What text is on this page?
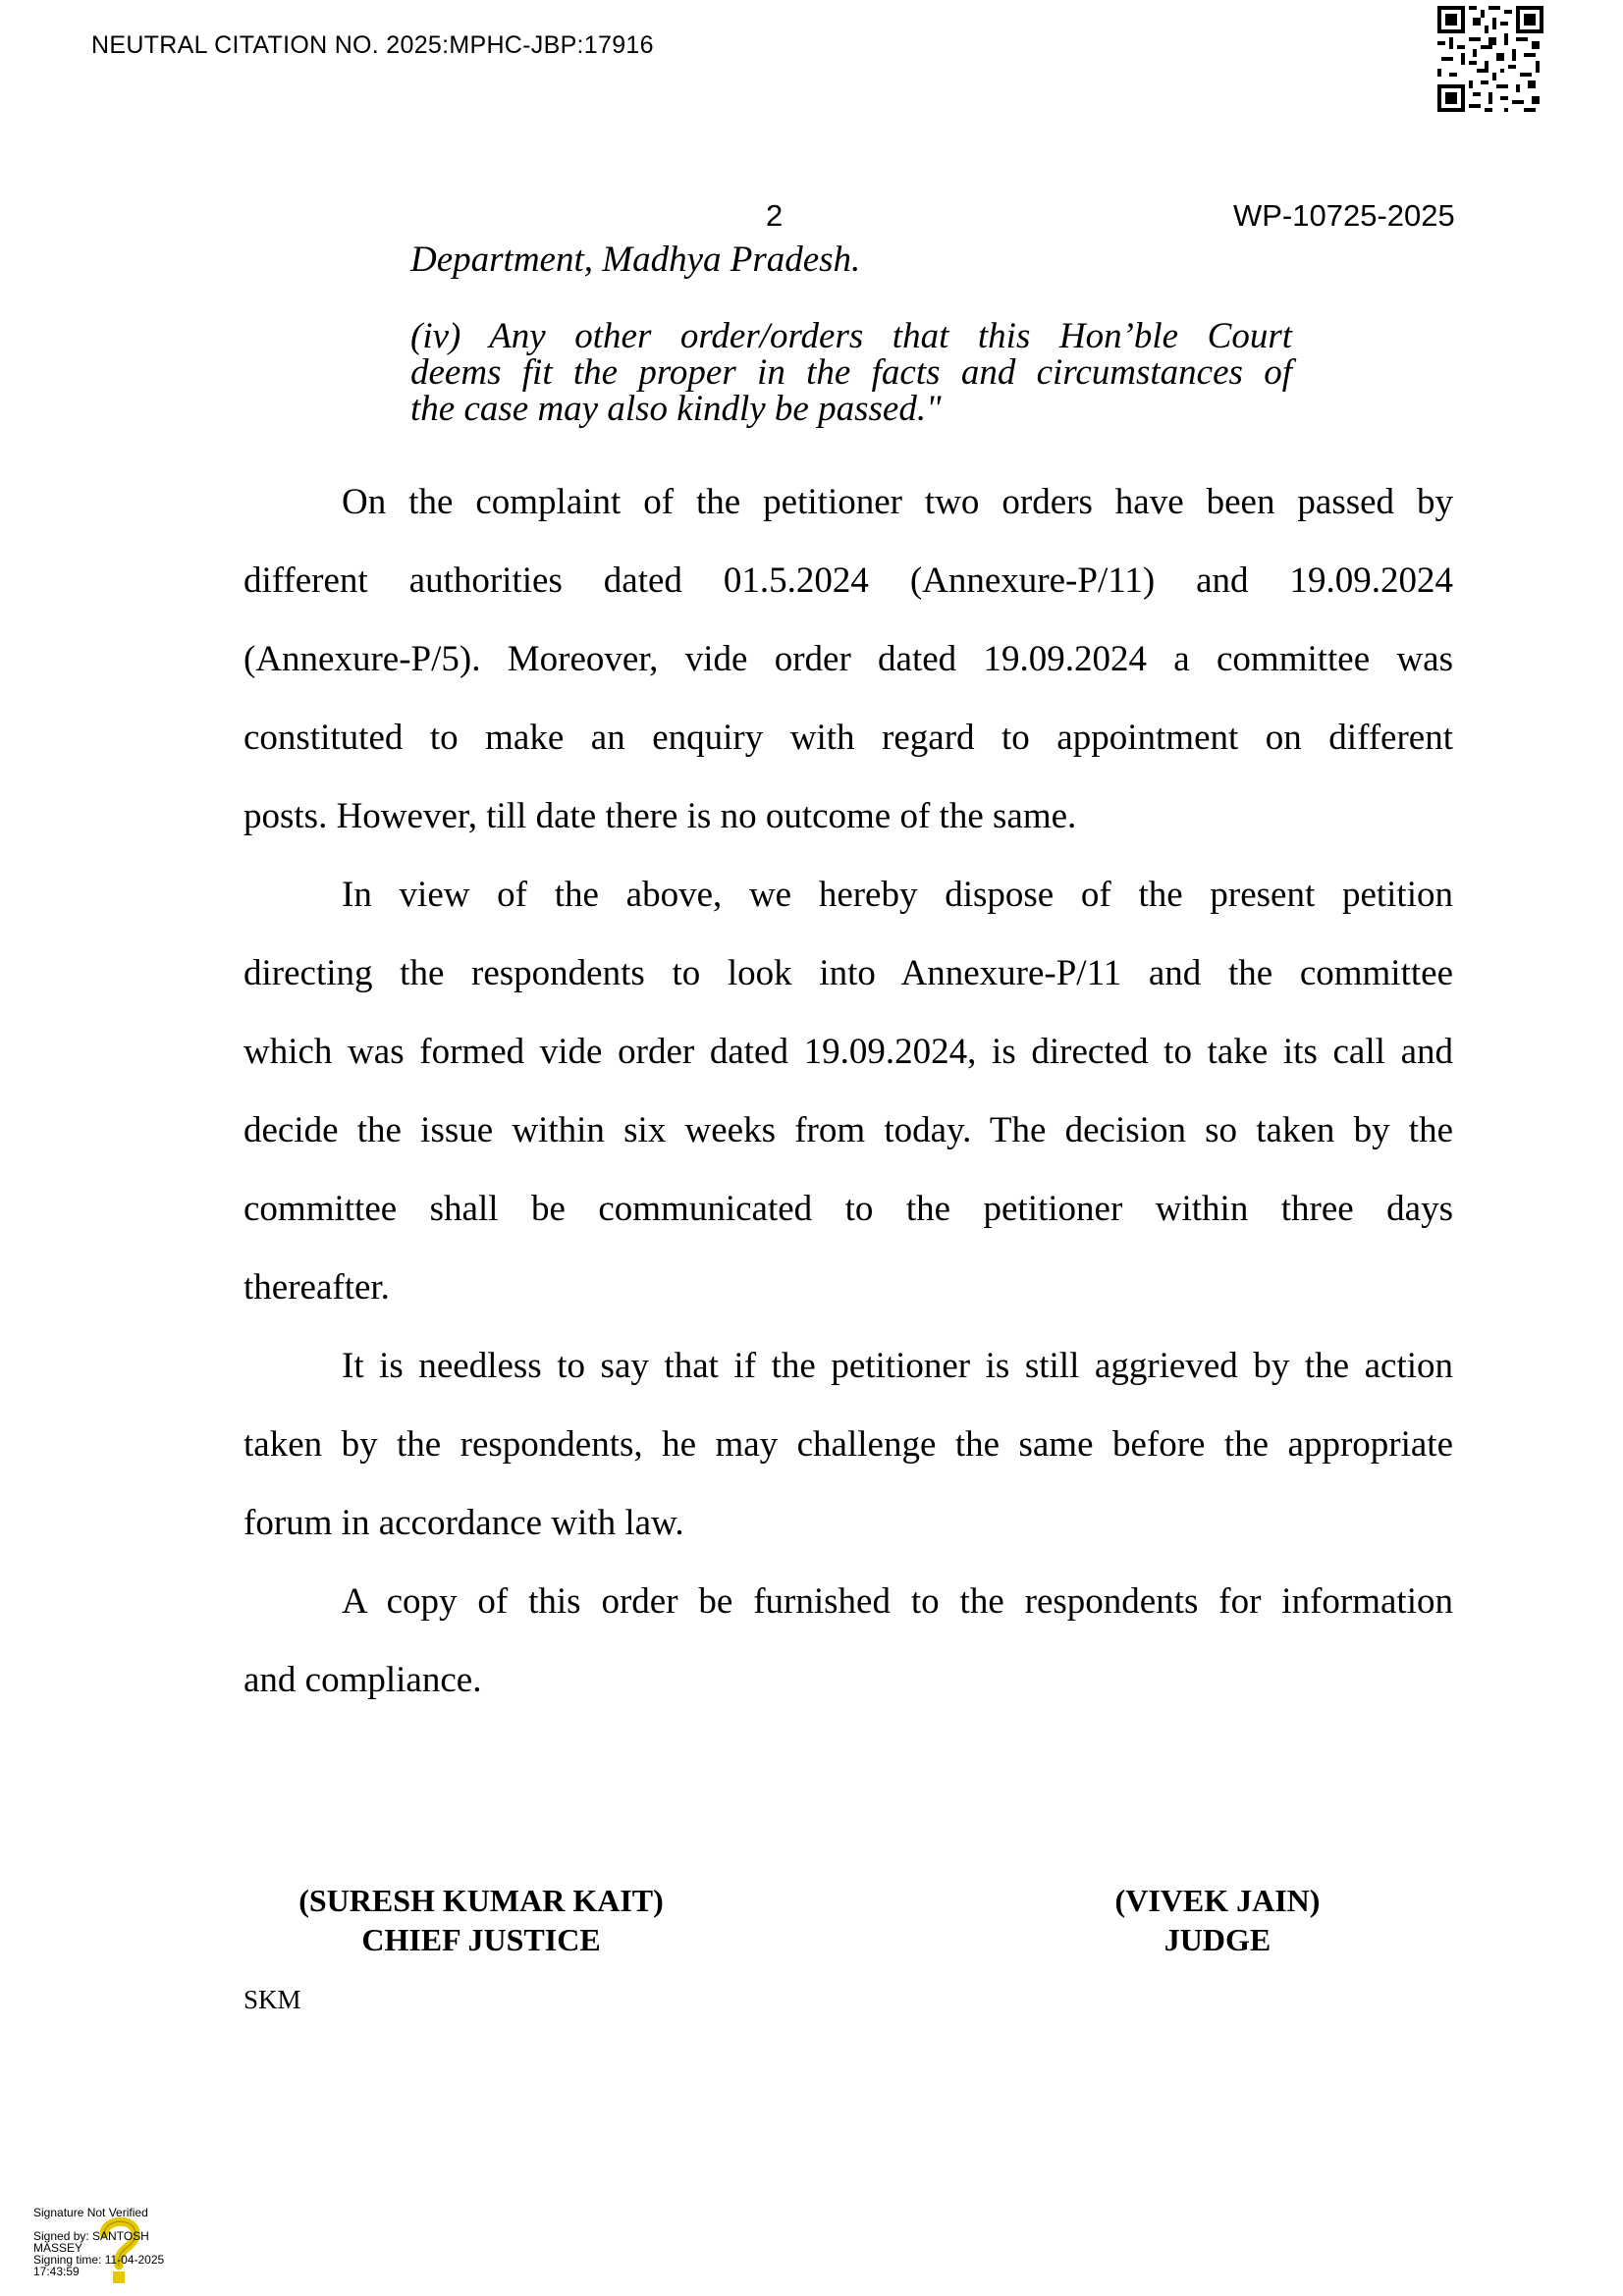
NEUTRAL CITATION NO. 2025:MPHC-JBP:17916
2	WP-10725-2025
Department, Madhya Pradesh.
(iv) Any other order/orders that this Hon’ble Court
deems fit the proper in the facts and circumstances of
the case may also kindly be passed."
On the complaint of the petitioner two orders have been passed by
different authorities dated 01.5.2024 (Annexure-P/11) and 19.09.2024
(Annexure-P/5). Moreover, vide order dated 19.09.2024 a committee was
constituted to make an enquiry with regard to appointment on different
posts. However, till date there is no outcome of the same.
In view of the above, we hereby dispose of the present petition
directing the respondents to look into Annexure-P/11 and the committee
which was formed vide order dated 19.09.2024, is directed to take its call and
decide the issue within six weeks from today. The decision so taken by the
committee shall be communicated to the petitioner within three days
thereafter.
It is needless to say that if the petitioner is still aggrieved by the action
taken by the respondents, he may challenge the same before the appropriate
forum in accordance with law.
A copy of this order be furnished to the respondents for information
and compliance.
(SURESH KUMAR KAIT)
CHIEF JUSTICE
(VIVEK JAIN)
JUDGE
SKM
Signature Not Verified
Signed by: SANTOSH
MASSEY
Signing time: 11-04-2025
17:43:59
